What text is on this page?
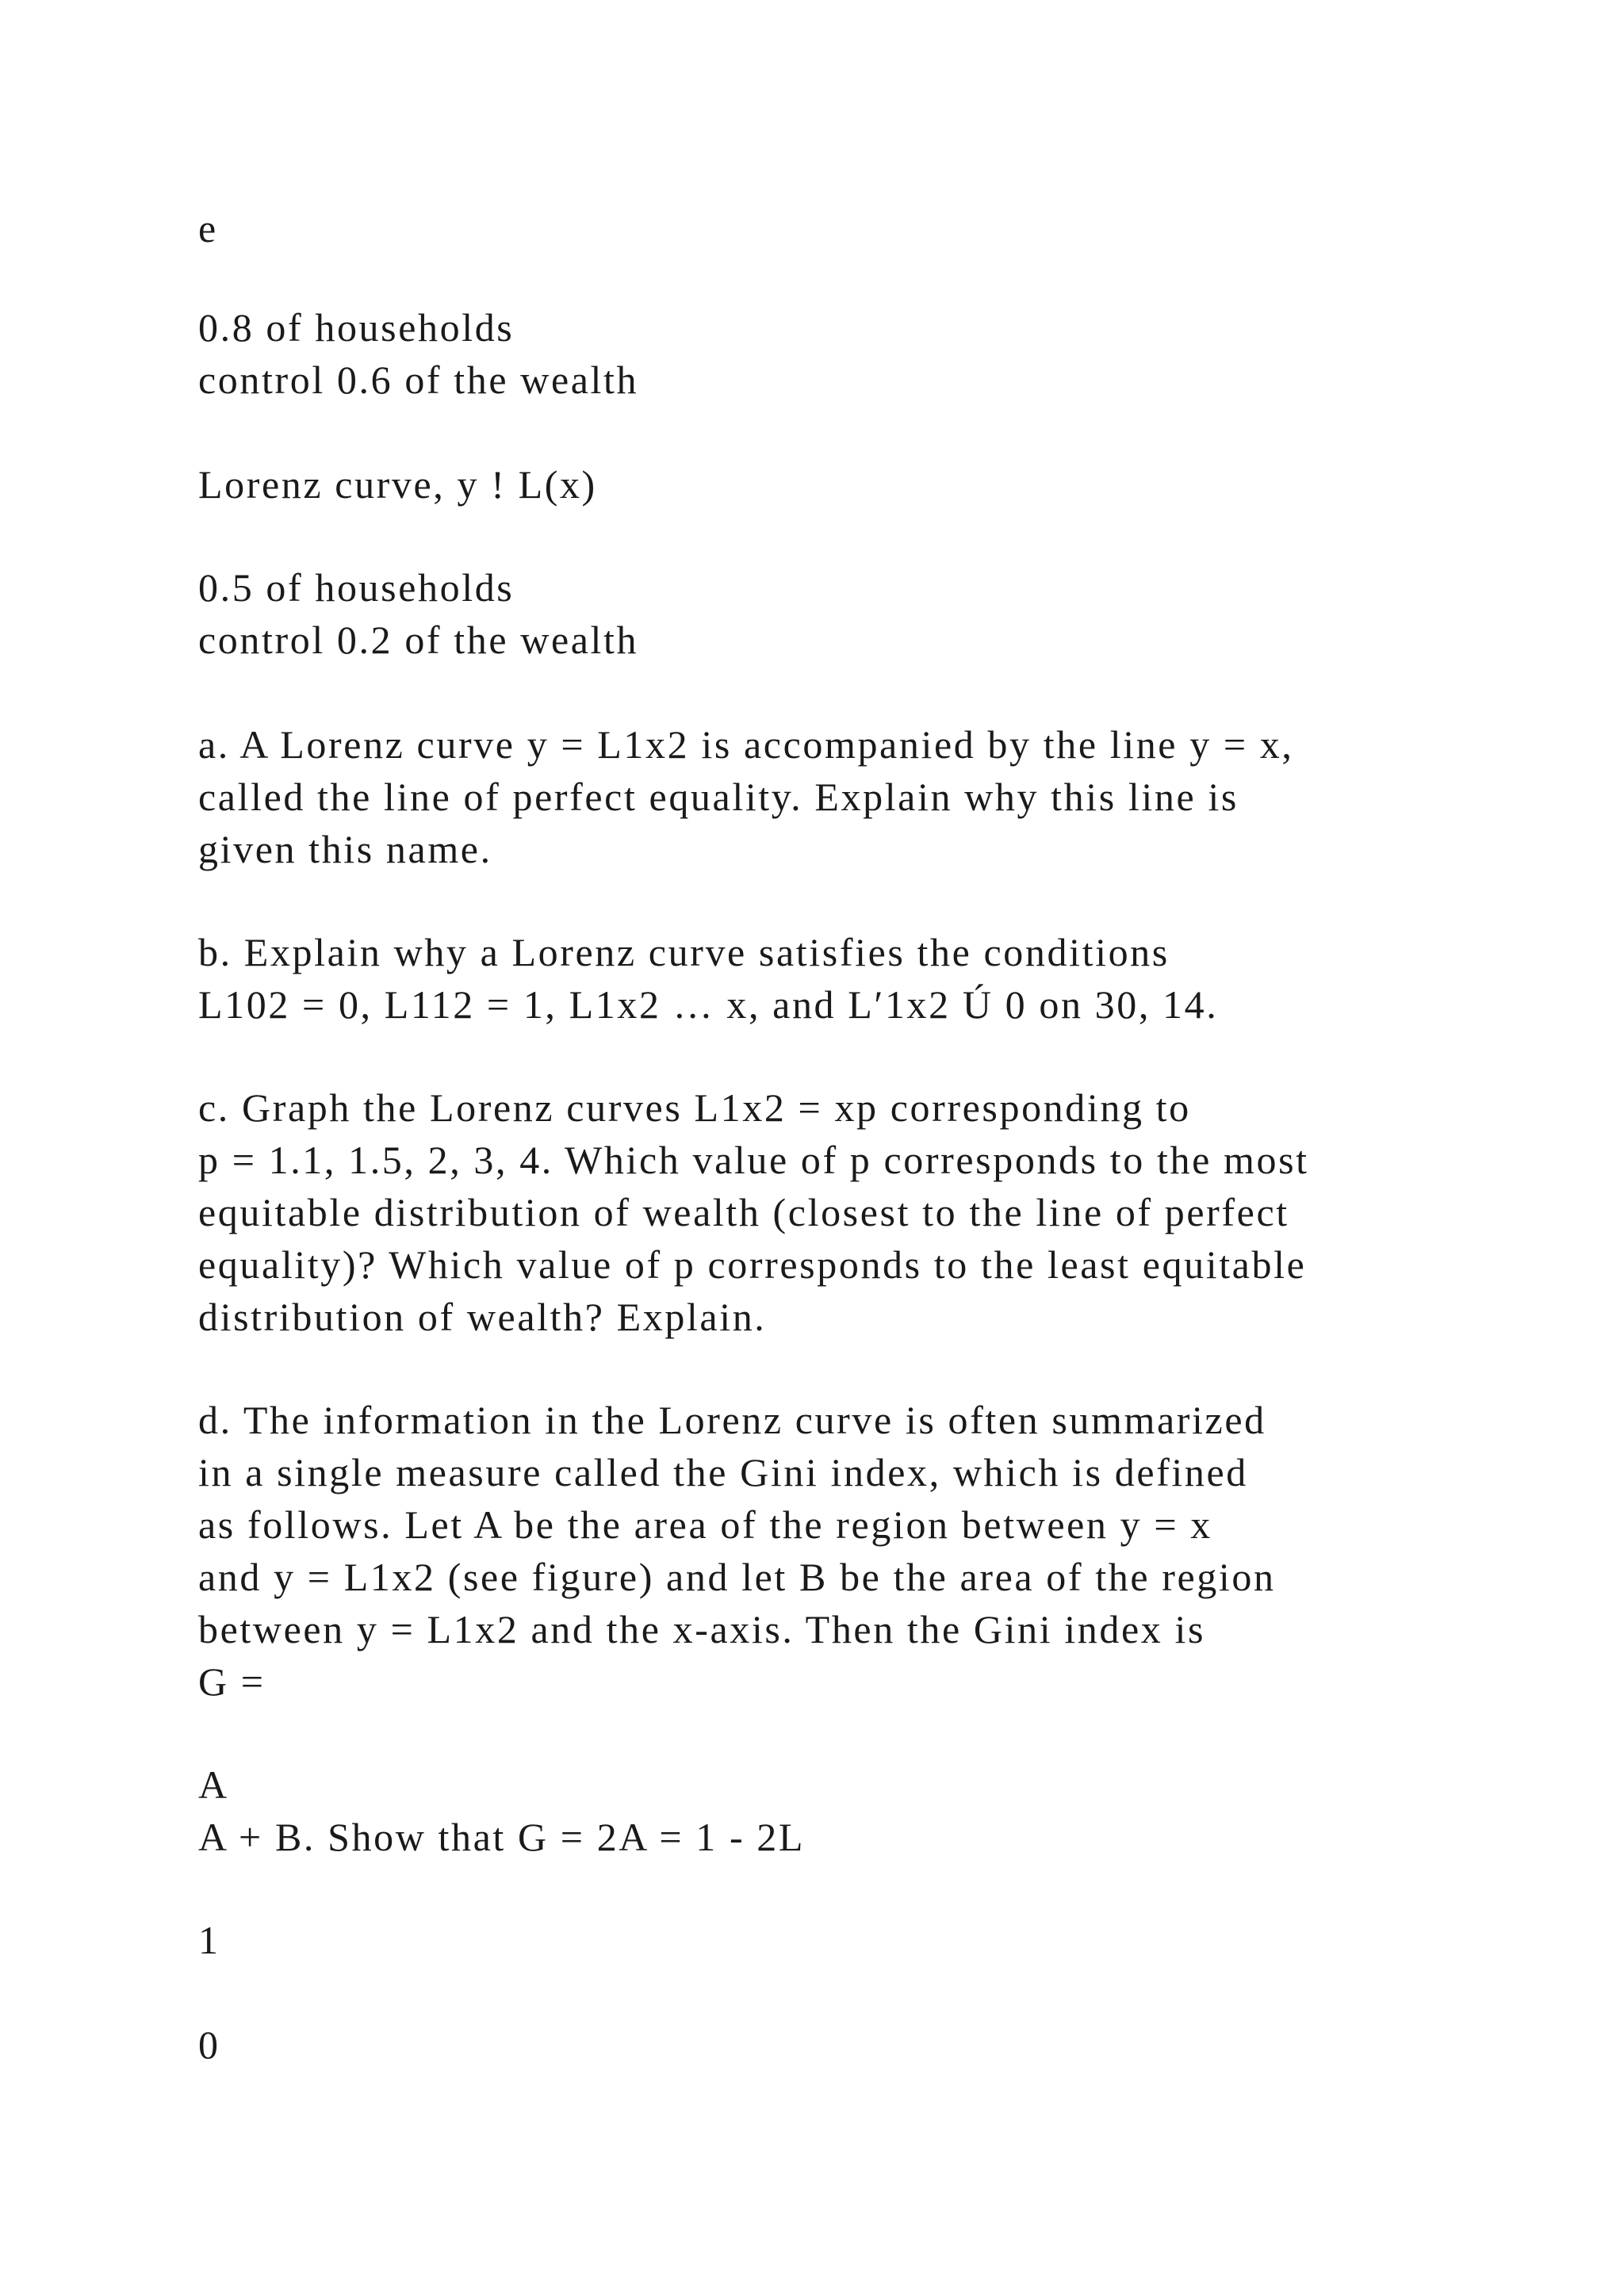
e

0.8 of households
control 0.6 of the wealth

Lorenz curve, y ! L(x)

0.5 of households
control 0.2 of the wealth

a. A Lorenz curve y = L1x2 is accompanied by the line y = x,
called the line of perfect equality. Explain why this line is
given this name.

b. Explain why a Lorenz curve satisfies the conditions
L102 = 0, L112 = 1, L1x2 … x, and L′1x2 Ú 0 on 30, 14.

c. Graph the Lorenz curves L1x2 = xp corresponding to
p = 1.1, 1.5, 2, 3, 4. Which value of p corresponds to the most
equitable distribution of wealth (closest to the line of perfect
equality)? Which value of p corresponds to the least equitable
distribution of wealth? Explain.

d. The information in the Lorenz curve is often summarized
in a single measure called the Gini index, which is defined
as follows. Let A be the area of the region between y = x
and y = L1x2 (see figure) and let B be the area of the region
between y = L1x2 and the x-axis. Then the Gini index is
G =

A
A + B. Show that G = 2A = 1 - 2L

1

0
